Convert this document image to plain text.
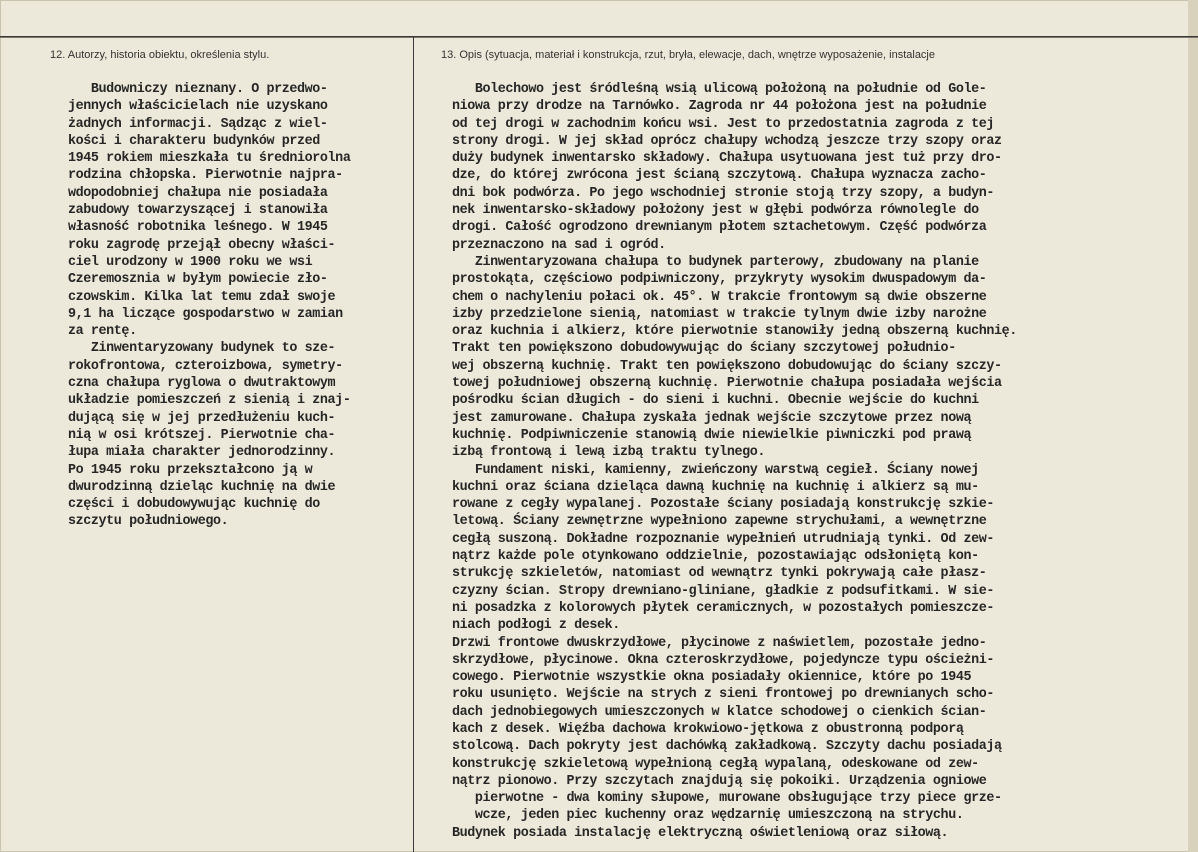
12. Autorzy, historia obiektu, określenia stylu.	13. Opis (sytuacja, materiał i konstrukcja, rzut, bryła, elewacje, dach, wnętrze wyposażenie, instalacje
Budowniczy nieznany. O przedwo-
jennych właścicielach nie uzyskano
żadnych informacji. Sądząc z wiel-
kości i charakteru budynków przed
1945 rokiem mieszkała tu średniorolna
rodzina chłopska. Pierwotnie najpra-
wdopodobniej chałupa nie posiadała
zabudowy towarzyszącej i stanowiła
własność robotnika leśnego. W 1945
roku zagrodę przejął obecny właści-
ciel urodzony w 1900 roku we wsi
Czeremosznia w byłym powiecie zło-
czowskim. Kilka lat temu zdał swoje
9,1 ha liczące gospodarstwo w zamian
za rentę.
Zinwentaryzowany budynek to sze-
rokofrontowa, czteroizbowa, symetry-
czna chałupa ryglowa o dwutraktowym
układzie pomieszczeń z sienią i znaj-
dującą się w jej przedłużeniu kuch-
nią w osi krótszej. Pierwotnie cha-
łupa miała charakter jednorodzinny.
Po 1945 roku przekształcono ją w
dwurodzinną dzieląc kuchnię na dwie
części i dobudowywując kuchnię do
szczytu południowego.
Bolechowo jest śródleśną wsią ulicową położoną na południe od Gole-
niowa przy drodze na Tarnówko. Zagroda nr 44 położona jest na południe
od tej drogi w zachodnim końcu wsi. Jest to przedostatnia zagroda z tej
strony drogi. W jej skład oprócz chałupy wchodzą jeszcze trzy szopy oraz
duży budynek inwentarsko składowy. Chałupa usytuowana jest tuż przy dro-
dze, do której zwrócona jest ścianą szczytową. Chałupa wyznacza zacho-
dni bok podwórza. Po jego wschodniej stronie stoją trzy szopy, a budyn-
nek inwentarsko-składowy położony jest w głębi podwórza równolegle do
drogi. Całość ogrodzono drewnianym płotem sztachetowym. Część podwórza
przeznaczono na sad i ogród.
Zinwentaryzowana chałupa to budynek parterowy, zbudowany na planie
prostokąta, częściowo podpiwniczony, przykryty wysokim dwuspadowym da-
chem o nachyleniu połaci ok. 45°. W trakcie frontowym są dwie obszerne
izby przedzielone sienią, natomiast w trakcie tylnym dwie izby narożne
oraz kuchnia i alkierz, które pierwotnie stanowiły jedną obszerną kuchnię.
Trakt ten powiększono dobudowywując do ściany szczytowej południo-
wej obszerną kuchnię. Trakt ten powiększono dobudowując do ściany szczy-
towej południowej obszerną kuchnię. Pierwotnie chałupa posiadała wejścia
pośrodku ścian długich - do sieni i kuchni. Obecnie wejście do kuchni
jest zamurowane. Chałupa zyskała jednak wejście szczytowe przez nową
kuchnię. Podpiwniczenie stanowią dwie niewielkie piwniczki pod prawą
izbą frontową i lewą izbą traktu tylnego.
Fundament niski, kamienny, zwieńczony warstwą cegieł. Ściany nowej
kuchni oraz ściana dzieląca dawną kuchnię na kuchnię i alkierz są mu-
rowane z cegły wypalanej. Pozostałe ściany posiadają konstrukcję szkie-
letową. Ściany zewnętrzne wypełniono zapewne strychułami, a wewnętrzne
cegłą suszoną. Dokładne rozpoznanie wypełnień utrudniają tynki. Od zew-
nątrz każde pole otynkowano oddzielnie, pozostawiając odsłoniętą kon-
strukcję szkieletów, natomiast od wewnątrz tynki pokrywają całe płasz-
czyzny ścian. Stropy drewniano-gliniane, gładkie z podsufitkami. W sie-
ni posadzka z kolorowych płytek ceramicznych, w pozostałych pomieszcze-
niach podłogi z desek.
Drzwi frontowe dwuskrzydłowe, płycinowe z naświetlem, pozostałe jedno-
skrzydłowe, płycinowe. Okna czteroskrzydłowe, pojedyncze typu ościeżni-
cowego. Pierwotnie wszystkie okna posiadały okiennice, które po 1945
roku usunięto. Wejście na strych z sieni frontowej po drewnianych scho-
dach jednobiegowych umieszczonych w klatce schodowej o cienkich ścian-
kach z desek. Więźba dachowa krokwiowo-jętkowa z obustronną podporą
stolcową. Dach pokryty jest dachówką zakładkową. Szczyty dachu posiadają
konstrukcję szkieletową wypełnioną cegłą wypalaną, odeskowane od zew-
nątrz pionowo. Przy szczytach znajdują się pokoiki. Urządzenia ogniowe
pierwotne - dwa kominy słupowe, murowane obsługujące trzy piece grze-
wcze, jeden piec kuchenny oraz wędzarnię umieszczoną na strychu.
Budynek posiada instalację elektryczną oświetleniową oraz siłową.
